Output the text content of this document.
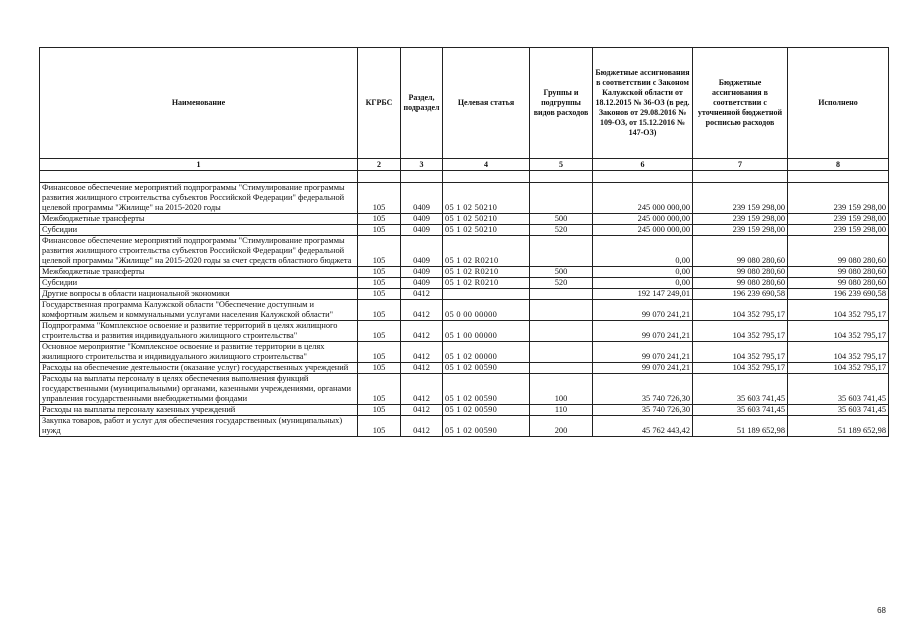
Наименование	КГРБС	Раздел, подраздел	Целевая статья	Группы и подгруппы видов расходов	Бюджетные ассигнования в соответствии с Законом Калужской области от 18.12.2015 № 36-ОЗ (в ред. Законов от 29.08.2016 № 109-ОЗ, от 15.12.2016 № 147-ОЗ)	Бюджетные ассигнования в соответствии с уточненной бюджетной росписью расходов	Исполнено
1	2	3	4	5	6	7	8

Финансовое обеспечение мероприятий подпрограммы "Стимулирование программы развития жилищного строительства субъектов Российской Федерации" федеральной целевой программы "Жилище" на 2015-2020 годы	105	0409	05 1 02 50210		245 000 000,00	239 159 298,00	239 159 298,00
Межбюджетные трансферты	105	0409	05 1 02 50210	500	245 000 000,00	239 159 298,00	239 159 298,00
Субсидии	105	0409	05 1 02 50210	520	245 000 000,00	239 159 298,00	239 159 298,00
Финансовое обеспечение мероприятий подпрограммы "Стимулирование программы развития жилищного строительства субъектов Российской Федерации" федеральной целевой программы "Жилище" на 2015-2020 годы за счет средств областного бюджета	105	0409	05 1 02 R0210		0,00	99 080 280,60	99 080 280,60
Межбюджетные трансферты	105	0409	05 1 02 R0210	500	0,00	99 080 280,60	99 080 280,60
Субсидии	105	0409	05 1 02 R0210	520	0,00	99 080 280,60	99 080 280,60
Другие вопросы в области национальной экономики	105	0412			192 147 249,01	196 239 690,58	196 239 690,58
Государственная программа Калужской области "Обеспечение доступным и комфортным жильем и коммунальными услугами населения Калужской области"	105	0412	05 0 00 00000		99 070 241,21	104 352 795,17	104 352 795,17
Подпрограмма "Комплексное освоение и развитие территорий в целях жилищного строительства и развития индивидуального жилищного строительства"	105	0412	05 1 00 00000		99 070 241,21	104 352 795,17	104 352 795,17
Основное мероприятие "Комплексное освоение и развитие территории в целях жилищного строительства и индивидуального жилищного строительства"	105	0412	05 1 02 00000		99 070 241,21	104 352 795,17	104 352 795,17
Расходы на обеспечение деятельности (оказание услуг) государственных учреждений	105	0412	05 1 02 00590		99 070 241,21	104 352 795,17	104 352 795,17
Расходы на выплаты персоналу в целях обеспечения выполнения функций государственными (муниципальными) органами, казенными учреждениями, органами управления государственными внебюджетными фондами	105	0412	05 1 02 00590	100	35 740 726,30	35 603 741,45	35 603 741,45
Расходы на выплаты персоналу казенных учреждений	105	0412	05 1 02 00590	110	35 740 726,30	35 603 741,45	35 603 741,45
Закупка товаров, работ и услуг для обеспечения государственных (муниципальных) нужд	105	0412	05 1 02 00590	200	45 762 443,42	51 189 652,98	51 189 652,98
68
